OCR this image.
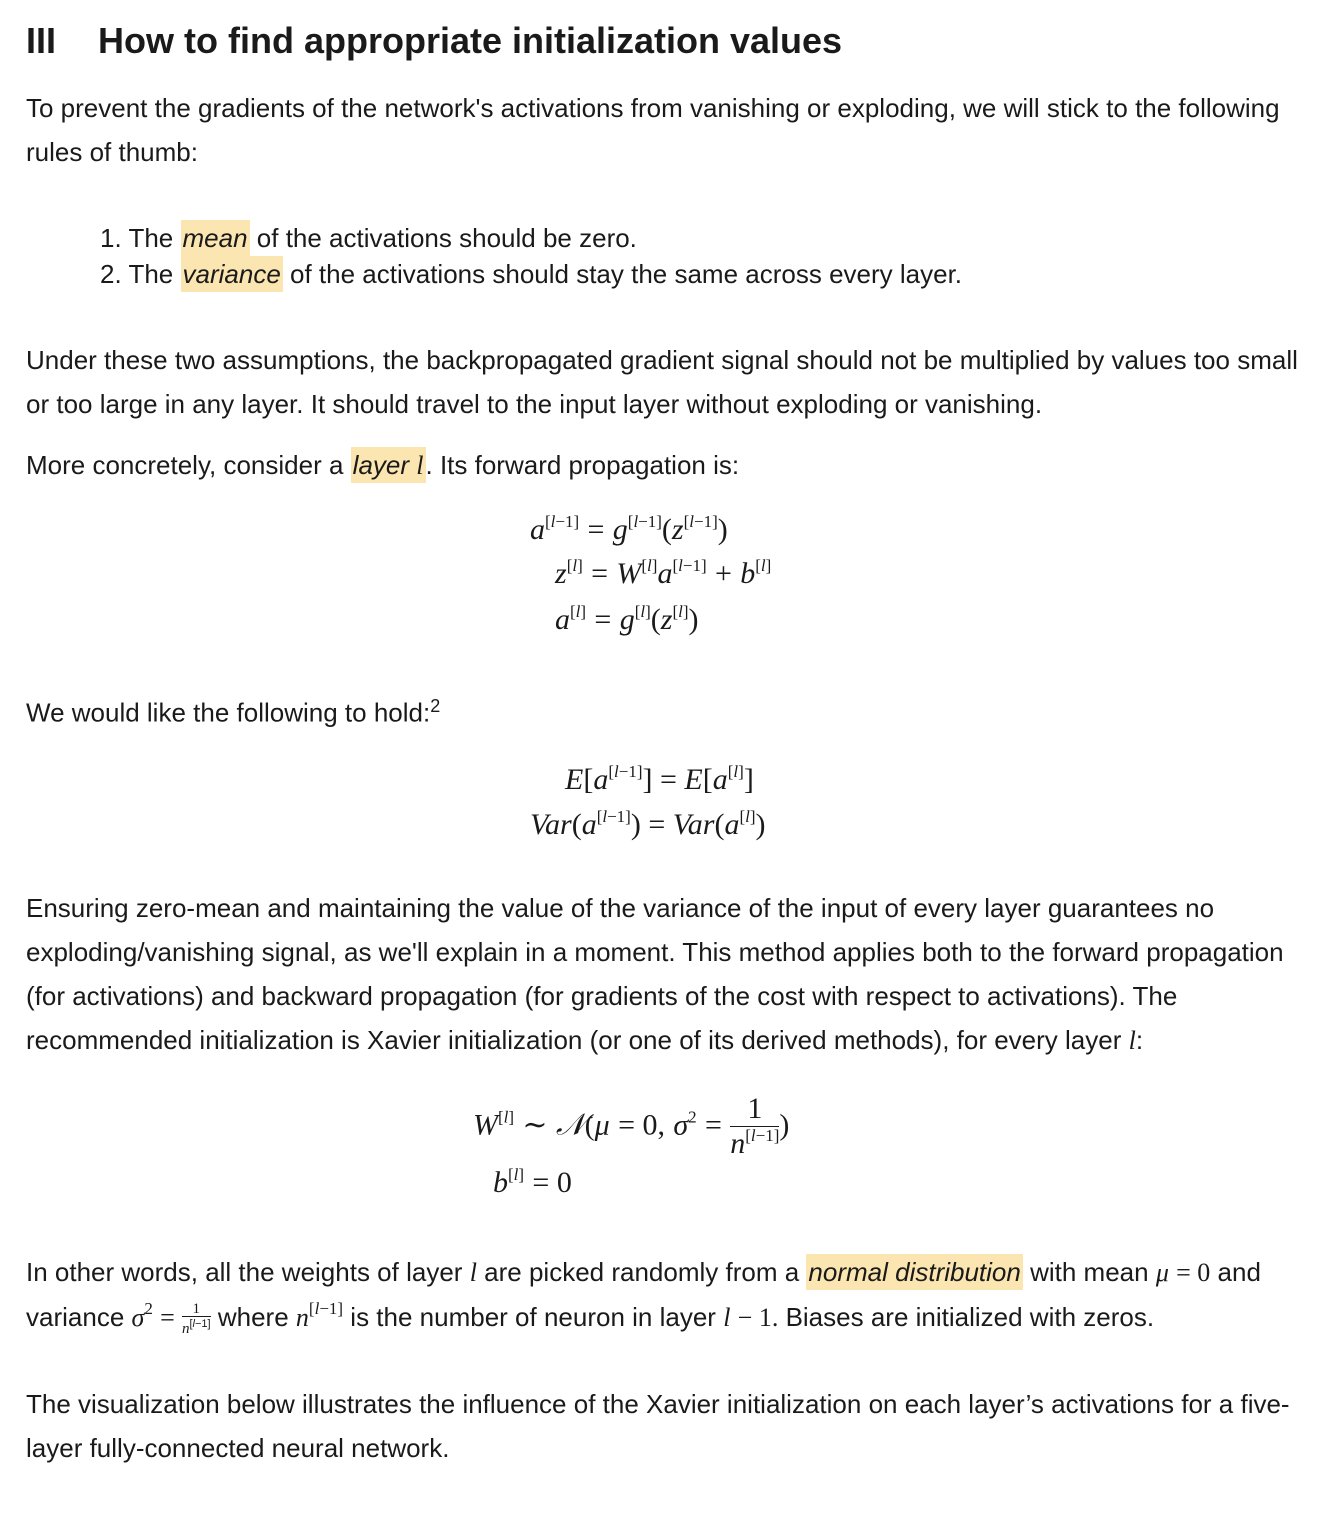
III How to find appropriate initialization values
To prevent the gradients of the network's activations from vanishing or exploding, we will stick to the following rules of thumb:
1. The mean of the activations should be zero.
2. The variance of the activations should stay the same across every layer.
Under these two assumptions, the backpropagated gradient signal should not be multiplied by values too small or too large in any layer. It should travel to the input layer without exploding or vanishing.
More concretely, consider a layer l. Its forward propagation is:
a[l−1] = g[l−1](z[l−1])
z[l] = W[l]a[l−1] + b[l]
a[l] = g[l](z[l])
We would like the following to hold:$^2$
E[a[l−1]] = E[a[l]]
Var(a[l−1]) = Var(a[l])
Ensuring zero-mean and maintaining the value of the variance of the input of every layer guarantees no exploding/vanishing signal, as we'll explain in a moment. This method applies both to the forward propagation (for activations) and backward propagation (for gradients of the cost with respect to activations). The recommended initialization is Xavier initialization (or one of its derived methods), for every layer l:
W[l] ∼ 𝒩(μ = 0, $\sigma^2 = \frac{1}{n^{[l-1]}}$ )
b[l] = 0
In other words, all the weights of layer l are picked randomly from a normal distribution with mean μ = 0 and variance $\sigma^2 = \frac{1}{n^{[l-1]}}$ where n[l−1] is the number of neuron in layer l − 1. Biases are initialized with zeros.
The visualization below illustrates the influence of the Xavier initialization on each layer’s activations for a five-layer fully-connected neural network.
